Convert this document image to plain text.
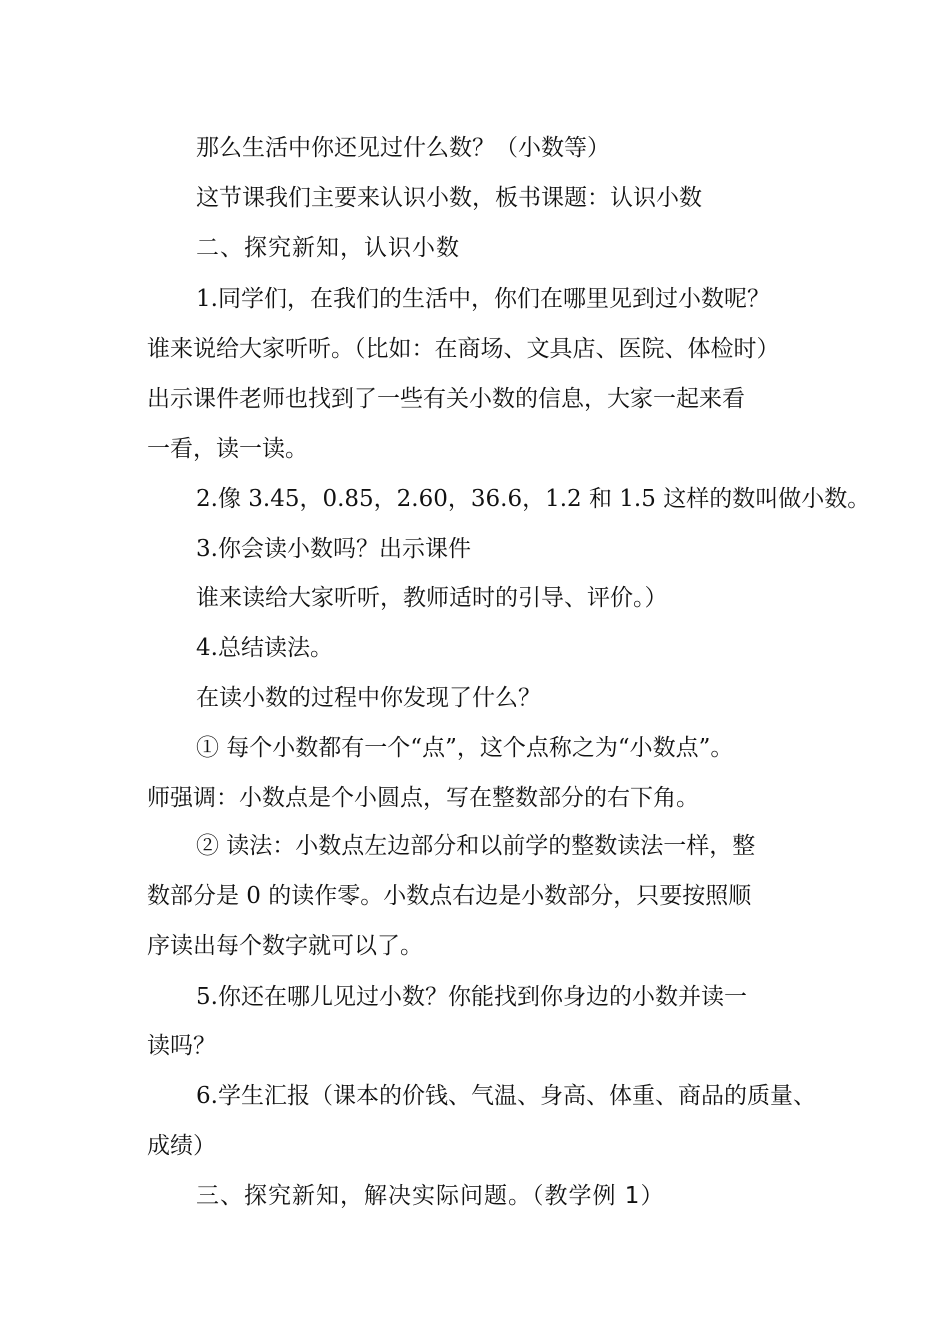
那么生活中你还见过什么数？（小数等）
这节课我们主要来认识小数，板书课题：认识小数
二、探究新知，认识小数
1.同学们，在我们的生活中，你们在哪里见到过小数呢？
谁来说给大家听听。（比如：在商场、文具店、医院、体检时）
出示课件老师也找到了一些有关小数的信息，大家一起来看
一看，读一读。
2.像 3.45，0.85，2.60，36.6，1.2 和 1.5 这样的数叫做小数。
3.你会读小数吗？出示课件
谁来读给大家听听，教师适时的引导、评价。）
4.总结读法。
在读小数的过程中你发现了什么？
① 每个小数都有一个“点”，这个点称之为“小数点”。
师强调：小数点是个小圆点，写在整数部分的右下角。
② 读法：小数点左边部分和以前学的整数读法一样，整
数部分是 0 的读作零。小数点右边是小数部分，只要按照顺
序读出每个数字就可以了。
5.你还在哪儿见过小数？你能找到你身边的小数并读一
读吗？
6.学生汇报（课本的价钱、气温、身高、体重、商品的质量、
成绩）
三、探究新知，解决实际问题。（教学例 1）
